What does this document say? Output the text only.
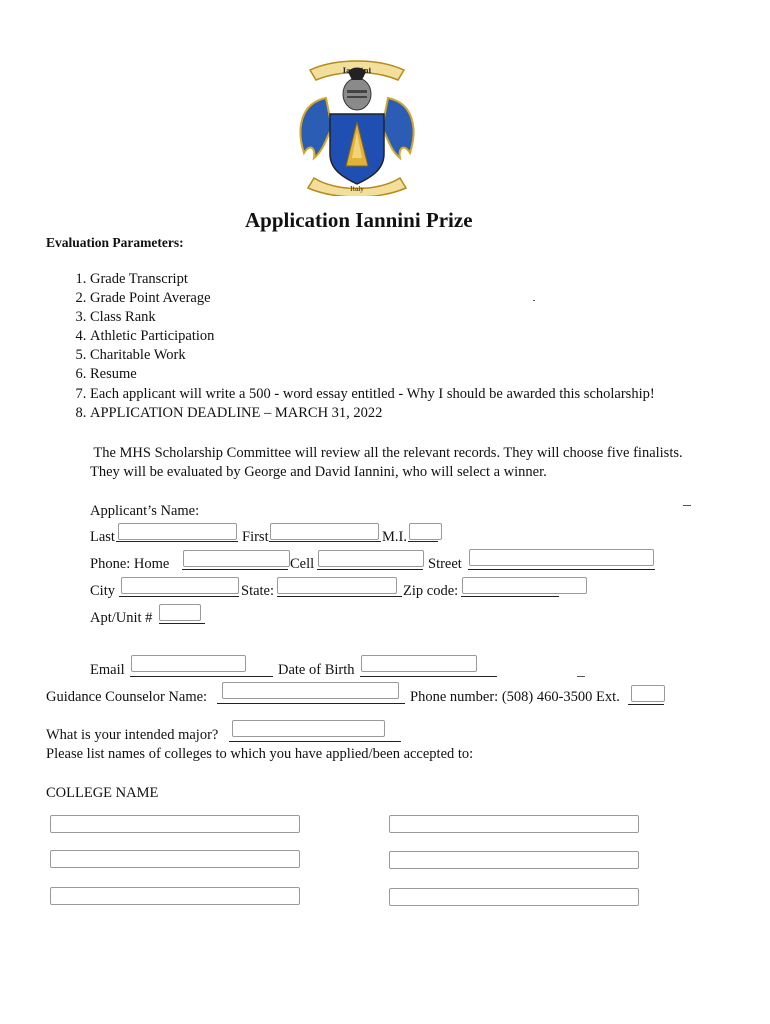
Iannini
Italy
Application Iannini Prize
Evaluation Parameters:
1. Grade Transcript
2. Grade Point Average
3. Class Rank
4. Athletic Participation
5. Charitable Work
6. Resume
7. Each applicant will write a 500 - word essay entitled - Why I should be awarded this scholarship!
8. APPLICATION DEADLINE – MARCH 31, 2022
The MHS Scholarship Committee will review all the relevant records. They will choose five finalists.
They will be evaluated by George and David Iannini, who will select a winner.
Applicant’s Name:
Last	First	M.I.
Phone: Home	Cell	Street
City	State:	Zip code:
Apt/Unit #
Email	Date of Birth
Guidance Counselor Name:	Phone number: (508) 460-3500 Ext.
What is your intended major?
Please list names of colleges to which you have applied/been accepted to:
COLLEGE NAME
